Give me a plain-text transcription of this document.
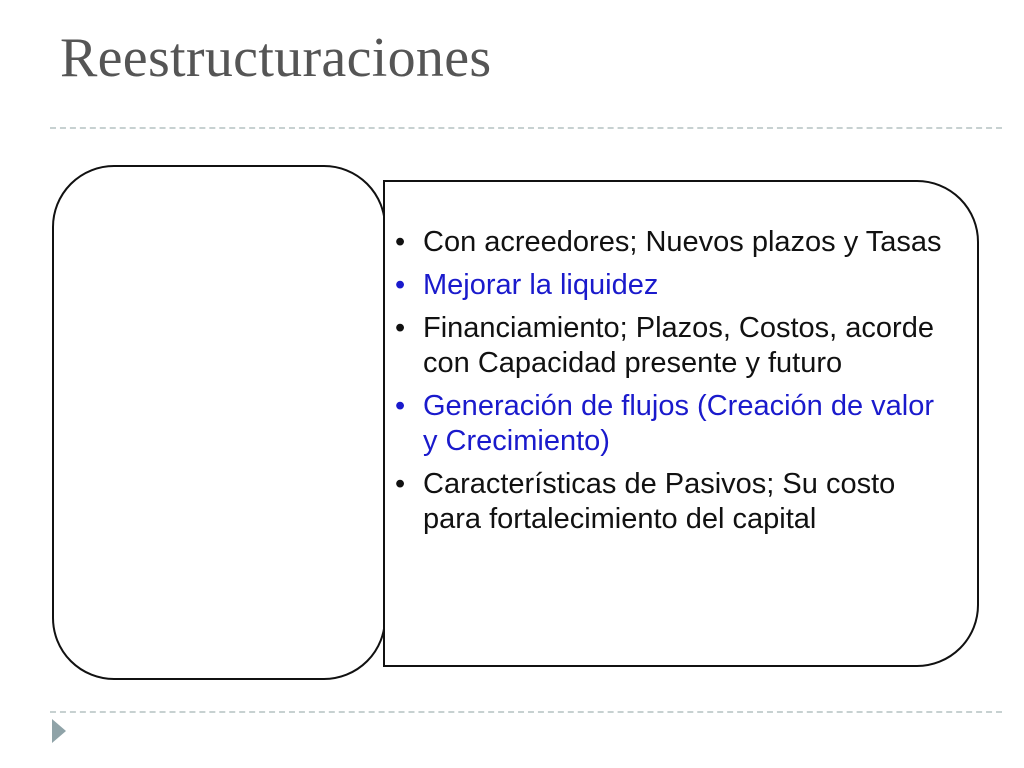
Reestructuraciones
• Con acreedores; Nuevos plazos y Tasas
• Mejorar la liquidez
• Financiamiento; Plazos, Costos, acorde con Capacidad presente y futuro
• Generación de flujos (Creación de valor y Crecimiento)
• Características de Pasivos; Su costo para fortalecimiento del capital
